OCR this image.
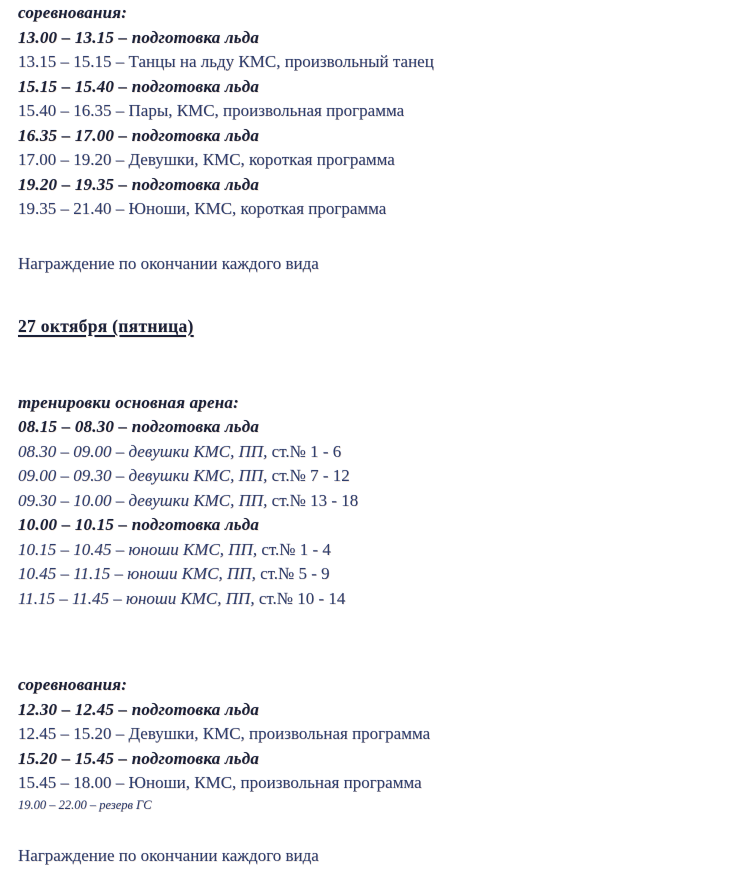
соревнования:
13.00 – 13.15 – подготовка льда
13.15 – 15.15 – Танцы на льду КМС, произвольный танец
15.15 – 15.40 – подготовка льда
15.40 – 16.35 – Пары, КМС, произвольная программа
16.35 – 17.00 – подготовка льда
17.00 – 19.20 – Девушки, КМС, короткая программа
19.20 – 19.35 – подготовка льда
19.35 – 21.40 – Юноши, КМС, короткая программа
Награждение по окончании каждого вида
27 октября (пятница)
тренировки основная арена:
08.15 – 08.30 – подготовка льда
08.30 – 09.00 – девушки КМС, ПП, ст.№ 1 - 6
09.00 – 09.30 – девушки КМС, ПП, ст.№ 7 - 12
09.30 – 10.00 – девушки КМС, ПП, ст.№ 13 - 18
10.00 – 10.15 – подготовка льда
10.15 – 10.45 – юноши КМС, ПП, ст.№ 1 - 4
10.45 – 11.15 – юноши КМС, ПП, ст.№ 5 - 9
11.15 – 11.45 – юноши КМС, ПП, ст.№ 10 - 14
соревнования:
12.30 – 12.45 – подготовка льда
12.45 – 15.20 – Девушки, КМС, произвольная программа
15.20 – 15.45 – подготовка льда
15.45 – 18.00 – Юноши, КМС, произвольная программа
19.00 – 22.00 – резерв ГС
Награждение по окончании каждого вида
